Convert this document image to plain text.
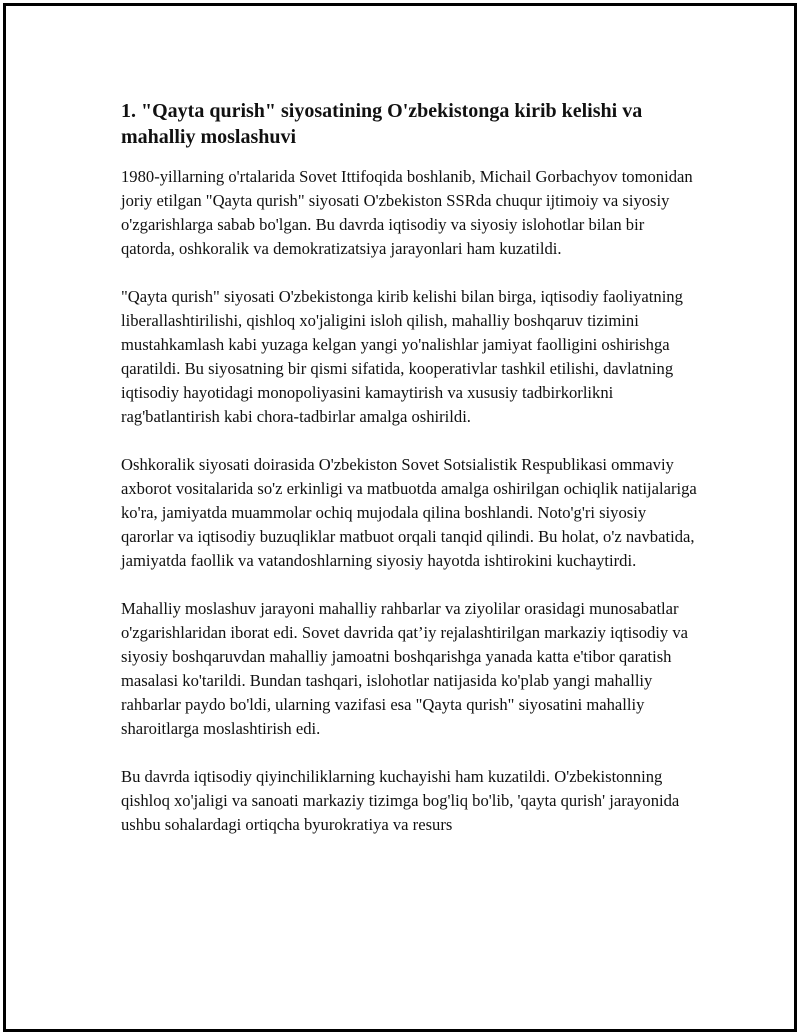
1. "Qayta qurish" siyosatining O'zbekistonga kirib kelishi va mahalliy moslashuvi

1980-yillarning o'rtalarida Sovet Ittifoqida boshlanib, Michail Gorbachyov tomonidan joriy etilgan "Qayta qurish" siyosati O'zbekiston SSRda chuqur ijtimoiy va siyosiy o'zgarishlarga sabab bo'lgan. Bu davrda iqtisodiy va siyosiy islohotlar bilan bir qatorda, oshkoralik va demokratizatsiya jarayonlari ham kuzatildi.

"Qayta qurish" siyosati O'zbekistonga kirib kelishi bilan birga, iqtisodiy faoliyatning liberallashtirilishi, qishloq xo'jaligini isloh qilish, mahalliy boshqaruv tizimini mustahkamlash kabi yuzaga kelgan yangi yo'nalishlar jamiyat faolligini oshirishga qaratildi. Bu siyosatning bir qismi sifatida, kooperativlar tashkil etilishi, davlatning iqtisodiy hayotidagi monopoliyasini kamaytirish va xususiy tadbirkorlikni rag'batlantirish kabi chora-tadbirlar amalga oshirildi.

Oshkoralik siyosati doirasida O'zbekiston Sovet Sotsialistik Respublikasi ommaviy axborot vositalarida so'z erkinligi va matbuotda amalga oshirilgan ochiqlik natijalariga ko'ra, jamiyatda muammolar ochiq mujodala qilina boshlandi. Noto'g'ri siyosiy qarorlar va iqtisodiy buzuqliklar matbuot orqali tanqid qilindi. Bu holat, o'z navbatida, jamiyatda faollik va vatandoshlarning siyosiy hayotda ishtirokini kuchaytirdi.

Mahalliy moslashuv jarayoni mahalliy rahbarlar va ziyolilar orasidagi munosabatlar o'zgarishlaridan iborat edi. Sovet davrida qat’iy rejalashtirilgan markaziy iqtisodiy va siyosiy boshqaruvdan mahalliy jamoatni boshqarishga yanada katta e'tibor qaratish masalasi ko'tarildi. Bundan tashqari, islohotlar natijasida ko'plab yangi mahalliy rahbarlar paydo bo'ldi, ularning vazifasi esa "Qayta qurish" siyosatini mahalliy sharoitlarga moslashtirish edi.

Bu davrda iqtisodiy qiyinchiliklarning kuchayishi ham kuzatildi. O'zbekistonning qishloq xo'jaligi va sanoati markaziy tizimga bog'liq bo'lib, 'qayta qurish' jarayonida ushbu sohalardagi ortiqcha byurokratiya va resurs
